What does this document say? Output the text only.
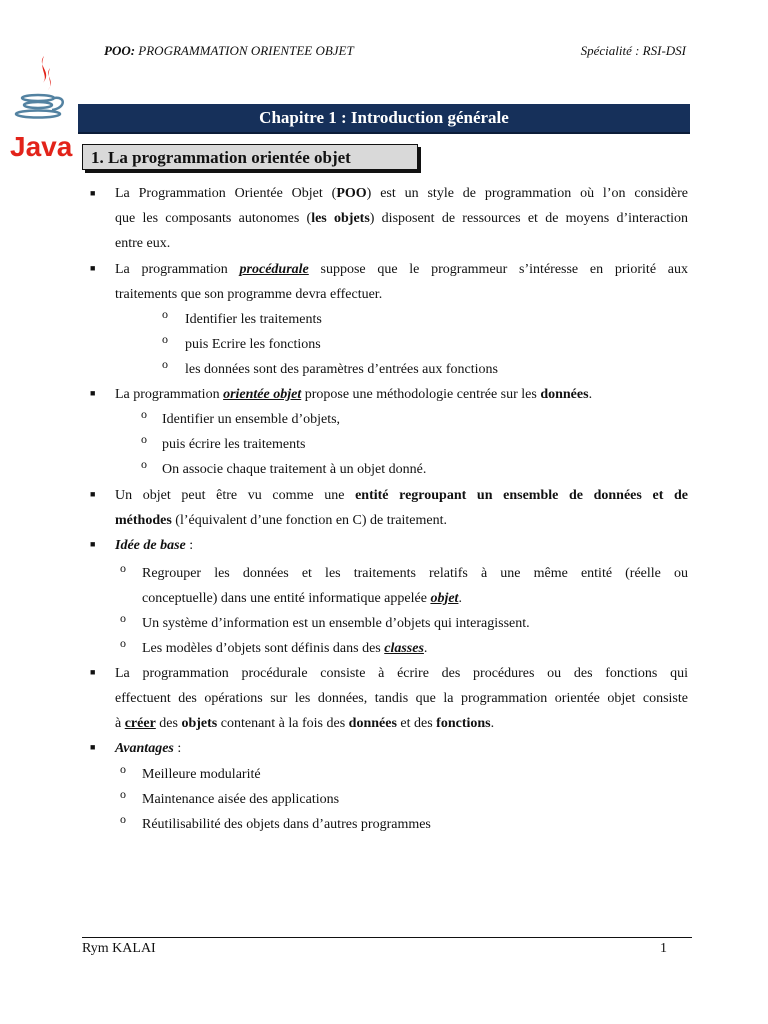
POO: PROGRAMMATION ORIENTEE OBJET	Spécialité : RSI-DSI
Java
Chapitre 1 : Introduction générale
1. La programmation orientée objet
■ La Programmation Orientée Objet (POO) est un style de programmation où l’on considère
que les composants autonomes (les objets) disposent de ressources et de moyens d’interaction
entre eux.
■ La programmation procédurale suppose que le programmeur s’intéresse en priorité aux
traitements que son programme devra effectuer.
o Identifier les traitements
o puis Ecrire les fonctions
o les données sont des paramètres d’entrées aux fonctions
■ La programmation orientée objet propose une méthodologie centrée sur les données.
o Identifier un ensemble d’objets,
o puis écrire les traitements
o On associe chaque traitement à un objet donné.
■ Un objet peut être vu comme une entité regroupant un ensemble de données et de
méthodes (l’équivalent d’une fonction en C) de traitement.
■ Idée de base :
o Regrouper les données et les traitements relatifs à une même entité (réelle ou
conceptuelle) dans une entité informatique appelée objet.
o Un système d’information est un ensemble d’objets qui interagissent.
o Les modèles d’objets sont définis dans des classes.
■ La programmation procédurale consiste à écrire des procédures ou des fonctions qui
effectuent des opérations sur les données, tandis que la programmation orientée objet consiste
à créer des objets contenant à la fois des données et des fonctions.
■ Avantages :
o Meilleure modularité
o Maintenance aisée des applications
o Réutilisabilité des objets dans d’autres programmes
Rym KALAI	1
